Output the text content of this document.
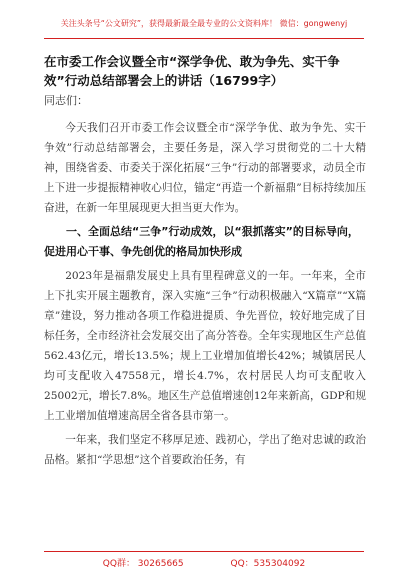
关注头条号“公文研究”，获得最新最全最专业的公文资料库！ 微信：gongwenyj
在市委工作会议暨全市“深学争优、敢为争先、实干争效”行动总结部署会上的讲话（16799字）
同志们：

今天我们召开市委工作会议暨全市“深学争优、敢为争先、实干争效”行动总结部署会，主要任务是，深入学习贯彻党的二十大精神，围绕省委、市委关于深化拓展“三争”行动的部署要求，动员全市上下进一步提振精神收心归位，锚定“再造一个新福鼎”目标持续加压奋进，在新一年里展现更大担当更大作为。

一、全面总结“三争”行动成效，以“狠抓落实”的目标导向，促进用心干事、争先创优的格局加快形成

2023年是福鼎发展史上具有里程碑意义的一年。一年来，全市上下扎实开展主题教育，深入实施“三争”行动积极融入“X篇章”“X篇章”建设，努力推动各项工作稳进提质、争先晋位，较好地完成了目标任务，全市经济社会发展交出了高分答卷。全年实现地区生产总值562.43亿元，增长13.5%；规上工业增加值增长42%；城镇居民人均可支配收入47558元，增长4.7%，农村居民人均可支配收入25002元，增长7.8%。地区生产总值增速创12年来新高，GDP和规上工业增加值增速高居全省各县市第一。

一年来，我们坚定不移厚足迹、践初心，学出了绝对忠诚的政治品格。紧扣“学思想”这个首要政治任务，有

QQ群： 30265665	QQ：535304092
